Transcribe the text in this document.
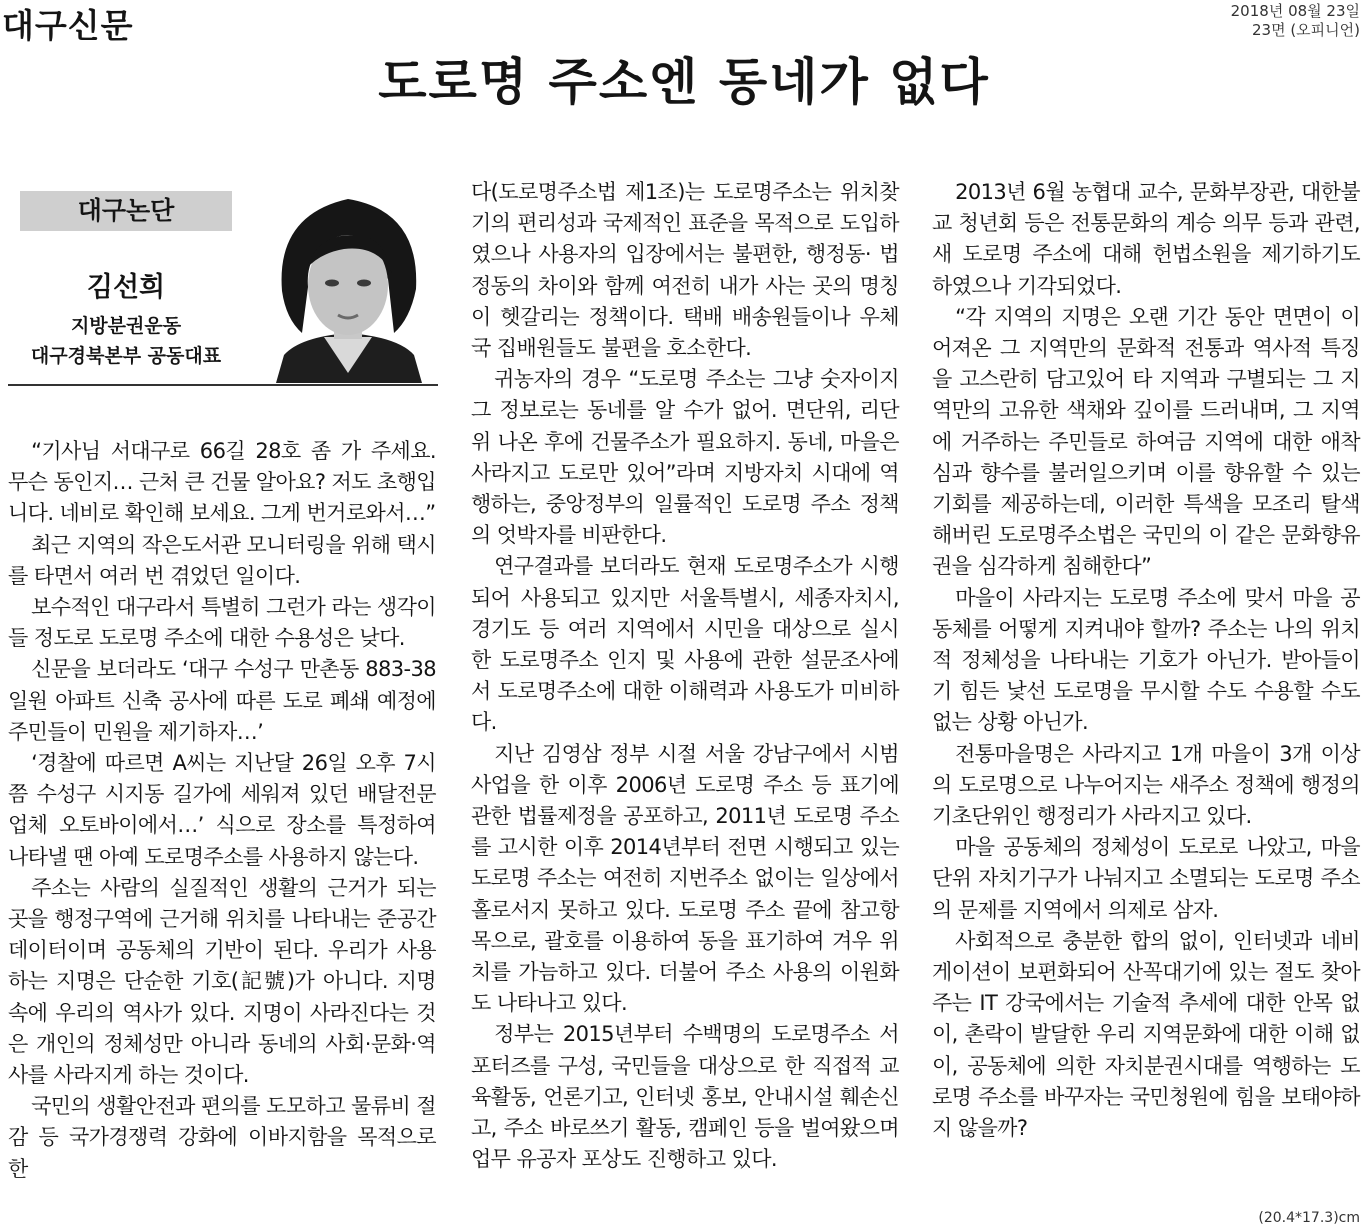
대구신문	2018년 08월 23일
23면 (오피니언)
도로명 주소엔 동네가 없다
대구논단
김선희
지방분권운동
대구경북본부 공동대표

“기사님 서대구로 66길 28호 좀 가 주세요. 무슨 동인지… 근처 큰 건물 알아요? 저도 초행입니다. 네비로 확인해 보세요. 그게 번거로와서…”

최근 지역의 작은도서관 모니터링을 위해 택시를 타면서 여러 번 겪었던 일이다.

보수적인 대구라서 특별히 그런가 라는 생각이 들 정도로 도로명 주소에 대한 수용성은 낮다.

신문을 보더라도 ‘대구 수성구 만촌동 883-38 일원 아파트 신축 공사에 따른 도로 폐쇄 예정에 주민들이 민원을 제기하자…’

‘경찰에 따르면 A씨는 지난달 26일 오후 7시쯤 수성구 시지동 길가에 세워져 있던 배달전문업체 오토바이에서…’ 식으로 장소를 특정하여 나타낼 땐 아예 도로명주소를 사용하지 않는다.

주소는 사람의 실질적인 생활의 근거가 되는 곳을 행정구역에 근거해 위치를 나타내는 준공간데이터이며 공동체의 기반이 된다. 우리가 사용하는 지명은 단순한 기호(記號)가 아니다. 지명 속에 우리의 역사가 있다. 지명이 사라진다는 것은 개인의 정체성만 아니라 동네의 사회·문화·역사를 사라지게 하는 것이다.

국민의 생활안전과 편의를 도모하고 물류비 절감 등 국가경쟁력 강화에 이바지함을 목적으로 한

다(도로명주소법 제1조)는 도로명주소는 위치찾기의 편리성과 국제적인 표준을 목적으로 도입하였으나 사용자의 입장에서는 불편한, 행정동· 법정동의 차이와 함께 여전히 내가 사는 곳의 명칭이 헷갈리는 정책이다. 택배 배송원들이나 우체국 집배원들도 불편을 호소한다.

귀농자의 경우 “도로명 주소는 그냥 숫자이지 그 정보로는 동네를 알 수가 없어. 면단위, 리단위 나온 후에 건물주소가 필요하지. 동네, 마을은 사라지고 도로만 있어”라며 지방자치 시대에 역행하는, 중앙정부의 일률적인 도로명 주소 정책의 엇박자를 비판한다.

연구결과를 보더라도 현재 도로명주소가 시행되어 사용되고 있지만 서울특별시, 세종자치시, 경기도 등 여러 지역에서 시민을 대상으로 실시한 도로명주소 인지 및 사용에 관한 설문조사에서 도로명주소에 대한 이해력과 사용도가 미비하다.

지난 김영삼 정부 시절 서울 강남구에서 시범사업을 한 이후 2006년 도로명 주소 등 표기에 관한 법률제정을 공포하고, 2011년 도로명 주소를 고시한 이후 2014년부터 전면 시행되고 있는 도로명 주소는 여전히 지번주소 없이는 일상에서 홀로서지 못하고 있다. 도로명 주소 끝에 참고항목으로, 괄호를 이용하여 동을 표기하여 겨우 위치를 가늠하고 있다. 더불어 주소 사용의 이원화도 나타나고 있다.

정부는 2015년부터 수백명의 도로명주소 서포터즈를 구성, 국민들을 대상으로 한 직접적 교육활동, 언론기고, 인터넷 홍보, 안내시설 훼손신고, 주소 바로쓰기 활동, 캠페인 등을 벌여왔으며 업무 유공자 포상도 진행하고 있다.

2013년 6월 농협대 교수, 문화부장관, 대한불교 청년회 등은 전통문화의 계승 의무 등과 관련, 새 도로명 주소에 대해 헌법소원을 제기하기도 하였으나 기각되었다.

“각 지역의 지명은 오랜 기간 동안 면면이 이어져온 그 지역만의 문화적 전통과 역사적 특징을 고스란히 담고있어 타 지역과 구별되는 그 지역만의 고유한 색채와 깊이를 드러내며, 그 지역에 거주하는 주민들로 하여금 지역에 대한 애착심과 향수를 불러일으키며 이를 향유할 수 있는 기회를 제공하는데, 이러한 특색을 모조리 탈색해버린 도로명주소법은 국민의 이 같은 문화향유권을 심각하게 침해한다”

마을이 사라지는 도로명 주소에 맞서 마을 공동체를 어떻게 지켜내야 할까? 주소는 나의 위치적 정체성을 나타내는 기호가 아닌가. 받아들이기 힘든 낯선 도로명을 무시할 수도 수용할 수도 없는 상황 아닌가.

전통마을명은 사라지고 1개 마을이 3개 이상의 도로명으로 나누어지는 새주소 정책에 행정의 기초단위인 행정리가 사라지고 있다.

마을 공동체의 정체성이 도로로 나았고, 마을단위 자치기구가 나눠지고 소멸되는 도로명 주소의 문제를 지역에서 의제로 삼자.

사회적으로 충분한 합의 없이, 인터넷과 네비게이션이 보편화되어 산꼭대기에 있는 절도 찾아주는 IT 강국에서는 기술적 추세에 대한 안목 없이, 촌락이 발달한 우리 지역문화에 대한 이해 없이, 공동체에 의한 자치분권시대를 역행하는 도로명 주소를 바꾸자는 국민청원에 힘을 보태야하지 않을까?

(20.4*17.3)cm
